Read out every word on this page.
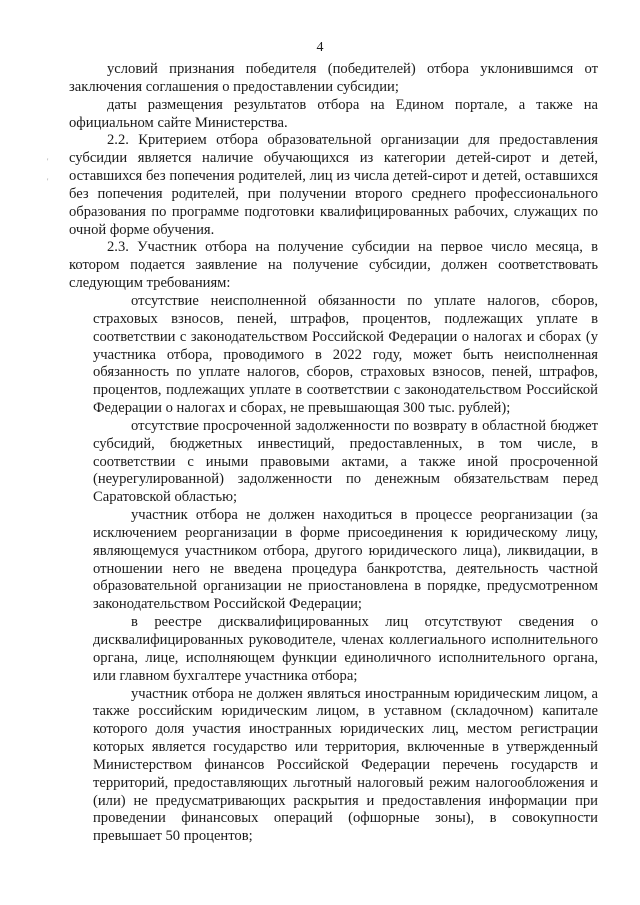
4
'
'

условий признания победителя (победителей) отбора уклонившимся от заключения соглашения о предоставлении субсидии;

даты размещения результатов отбора на Едином портале, а также на официальном сайте Министерства.

2.2. Критерием отбора образовательной организации для предоставления субсидии является наличие обучающихся из категории детей-сирот и детей, оставшихся без попечения родителей, лиц из числа детей-сирот и детей, оставшихся без попечения родителей, при получении второго среднего профессионального образования по программе подготовки квалифицированных рабочих, служащих по очной форме обучения.

2.3. Участник отбора на получение субсидии на первое число месяца, в котором подается заявление на получение субсидии, должен соответствовать следующим требованиям:

отсутствие неисполненной обязанности по уплате налогов, сборов, страховых взносов, пеней, штрафов, процентов, подлежащих уплате в соответствии с законодательством Российской Федерации о налогах и сборах (у участника отбора, проводимого в 2022 году, может быть неисполненная обязанность по уплате налогов, сборов, страховых взносов, пеней, штрафов, процентов, подлежащих уплате в соответствии с законодательством Российской Федерации о налогах и сборах, не превышающая 300 тыс. рублей);

отсутствие просроченной задолженности по возврату в областной бюджет субсидий, бюджетных инвестиций, предоставленных, в том числе, в соответствии с иными правовыми актами, а также иной просроченной (неурегулированной) задолженности по денежным обязательствам перед Саратовской областью;

участник отбора не должен находиться в процессе реорганизации (за исключением реорганизации в форме присоединения к юридическому лицу, являющемуся участником отбора, другого юридического лица), ликвидации, в отношении него не введена процедура банкротства, деятельность частной образовательной организации не приостановлена в порядке, предусмотренном законодательством Российской Федерации;

в реестре дисквалифицированных лиц отсутствуют сведения о дисквалифицированных руководителе, членах коллегиального исполнительного органа, лице, исполняющем функции единоличного исполнительного органа, или главном бухгалтере участника отбора;

участник отбора не должен являться иностранным юридическим лицом, а также российским юридическим лицом, в уставном (складочном) капитале которого доля участия иностранных юридических лиц, местом регистрации которых является государство или территория, включенные в утвержденный Министерством финансов Российской Федерации перечень государств и территорий, предоставляющих льготный налоговый режим налогообложения и (или) не предусматривающих раскрытия и предоставления информации при проведении финансовых операций (офшорные зоны), в совокупности превышает 50 процентов;
